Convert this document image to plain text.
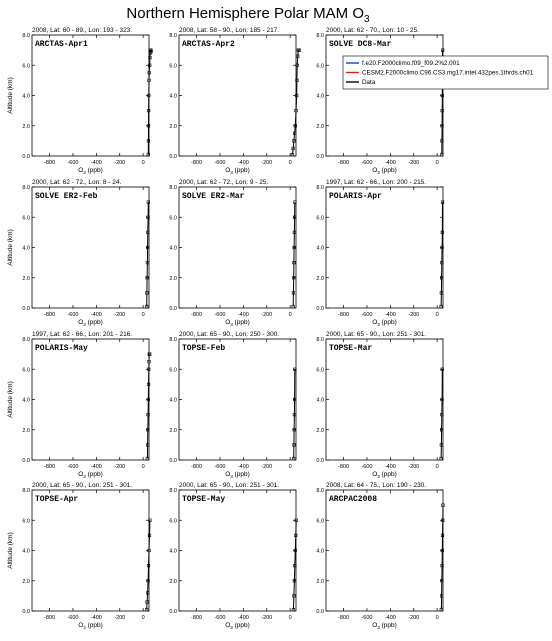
Northern Hemisphere Polar MAM $O_3$
2008, Lat: 60 - 89., Lon: 193 - 323.
ARCTAS-Apr1
0.0
2.0
4.0
6.0
8.0
-800 -600 -400 -200	0
$O_3$ (ppb)
Altitude (km)
2008, Lat: 58 - 90., Lon: 185 - 217.
ARCTAS-Apr2
0.0
2.0
4.0
6.0
8.0
-800 -600 -400 -200	0
$O_3$ (ppb)
2000, Lat: 62 - 70., Lon: 10 - 25.
SOLVE DC8-Mar
0.0
2.0
4.0
6.0
8.0
-800 -600 -400 -200	0
$O_3$ (ppb)
2000, Lat: 62 - 72., Lon: 8 - 24.
SOLVE ER2-Feb
0.0
2.0
4.0
6.0
8.0
-800 -600 -400 -200	0
$O_3$ (ppb)
Altitude (km)
2000, Lat: 62 - 72., Lon: 9 - 25.
SOLVE ER2-Mar
0.0
2.0
4.0
6.0
8.0
-800 -600 -400 -200	0
$O_3$ (ppb)
1997, Lat: 62 - 66., Lon: 200 - 215.
POLARIS-Apr
0.0
2.0
4.0
6.0
8.0
-800 -600 -400 -200	0
$O_3$ (ppb)
1997, Lat: 62 - 66., Lon: 201 - 216.
POLARIS-May
0.0
2.0
4.0
6.0
8.0
-800 -600 -400 -200	0
$O_3$ (ppb)
Altitude (km)
2000, Lat: 65 - 90., Lon: 250 - 300.
TOPSE-Feb
0.0
2.0
4.0
6.0
8.0
-800 -600 -400 -200	0
$O_3$ (ppb)
2000, Lat: 65 - 90., Lon: 251 - 301.
TOPSE-Mar
0.0
2.0
4.0
6.0
8.0
-800 -600 -400 -200	0
$O_3$ (ppb)
2000, Lat: 65 - 90., Lon: 251 - 301.
TOPSE-Apr
0.0
2.0
4.0
6.0
8.0
-800 -600 -400 -200	0
$O_3$ (ppb)
Altitude (km)
2000, Lat: 65 - 90., Lon: 251 - 301.
TOPSE-May
0.0
2.0
4.0
6.0
8.0
-800 -600 -400 -200	0
$O_3$ (ppb)
2008, Lat: 64 - 75., Lon: 190 - 230.
ARCPAC2008
0.0
2.0
4.0
6.0
8.0
-800 -600 -400 -200	0
$O_3$ (ppb)
f.e20.F2000climo.f09_f09.2%2.001
CESM2.F2000climo.C96.CS3.mg17.intel.432pes.1thrds.ch01
Data
